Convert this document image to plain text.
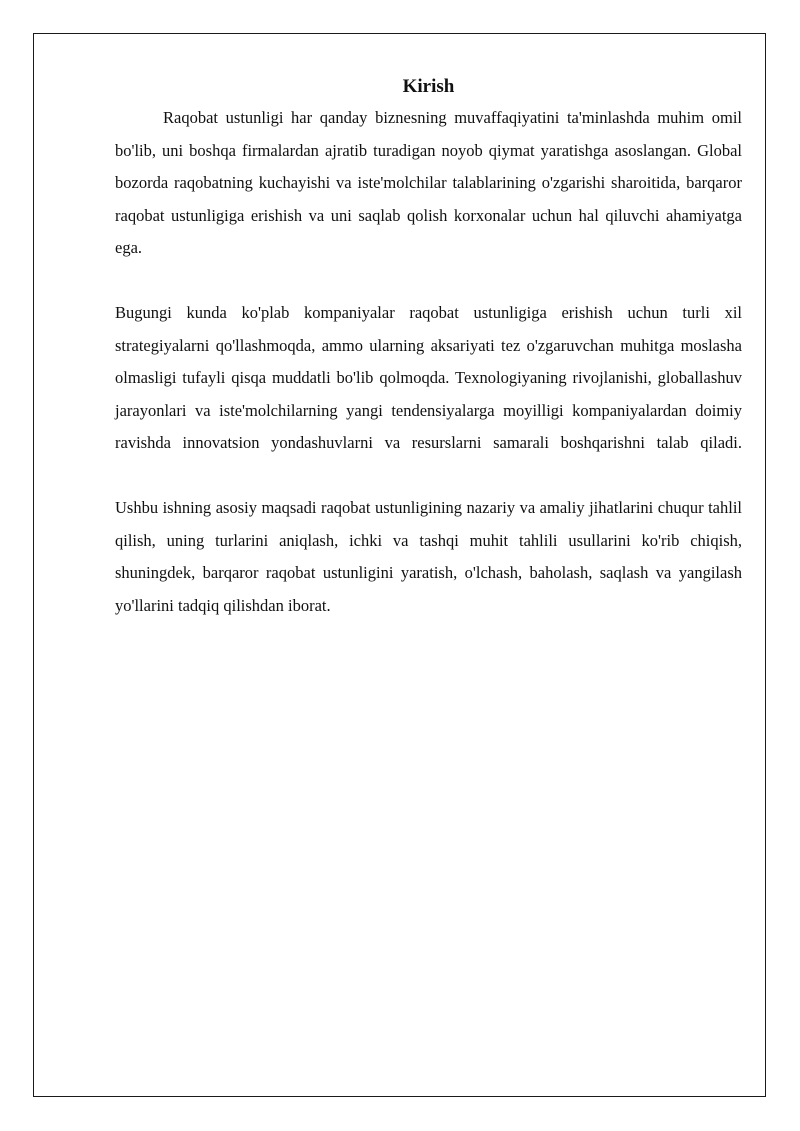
Kirish

Raqobat ustunligi har qanday biznesning muvaffaqiyatini ta'minlashda muhim omil bo'lib, uni boshqa firmalardan ajratib turadigan noyob qiymat yaratishga asoslangan. Global bozorda raqobatning kuchayishi va iste'molchilar talablarining o'zgarishi sharoitida, barqaror raqobat ustunligiga erishish va uni saqlab qolish korxonalar uchun hal qiluvchi ahamiyatga ega.

Bugungi kunda ko'plab kompaniyalar raqobat ustunligiga erishish uchun turli xil strategiyalarni qo'llashmoqda, ammo ularning aksariyati tez o'zgaruvchan muhitga moslasha olmasligi tufayli qisqa muddatli bo'lib qolmoqda. Texnologiyaning rivojlanishi, globallashuv jarayonlari va iste'molchilarning yangi tendensiyalarga moyilligi kompaniyalardan doimiy ravishda innovatsion yondashuvlarni va resurslarni samarali boshqarishni talab qiladi.

Ushbu ishning asosiy maqsadi raqobat ustunligining nazariy va amaliy jihatlarini chuqur tahlil qilish, uning turlarini aniqlash, ichki va tashqi muhit tahlili usullarini ko'rib chiqish, shuningdek, barqaror raqobat ustunligini yaratish, o'lchash, baholash, saqlash va yangilash yo'llarini tadqiq qilishdan iborat.
